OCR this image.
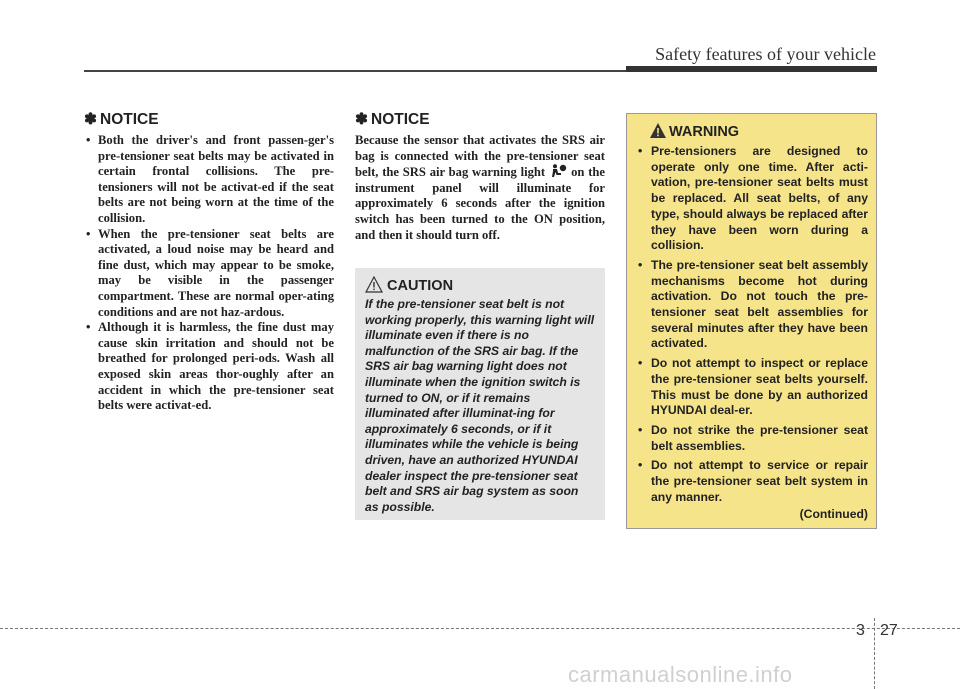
Safety features of your vehicle
✽ NOTICE
• Both the driver's and front passen-ger's pre-tensioner seat belts may be activated in certain frontal collisions. The pre-tensioners will not be activat-ed if the seat belts are not being worn at the time of the collision.
• When the pre-tensioner seat belts are activated, a loud noise may be heard and fine dust, which may appear to be smoke, may be visible in the passenger compartment. These are normal oper-ating conditions and are not haz-ardous.
• Although it is harmless, the fine dust may cause skin irritation and should not be breathed for prolonged peri-ods. Wash all exposed skin areas thor-oughly after an accident in which the pre-tensioner seat belts were activat-ed.
✽ NOTICE

Because the sensor that activates the SRS air bag is connected with the pre-tensioner seat belt, the SRS air bag warning light on the instrument panel will illuminate for approximately 6 seconds after the ignition switch has been turned to the ON position, and then it should turn off.

CAUTION

If the pre-tensioner seat belt is not working properly, this warning light will illuminate even if there is no malfunction of the SRS air bag. If the SRS air bag warning light does not illuminate when the ignition switch is turned to ON, or if it remains illuminated after illuminat-ing for approximately 6 seconds, or if it illuminates while the vehicle is being driven, have an authorized HYUNDAI dealer inspect the pre-tensioner seat belt and SRS air bag system as soon as possible.

WARNING
• Pre-tensioners are designed to operate only one time. After acti-vation, pre-tensioner seat belts must be replaced. All seat belts, of any type, should always be replaced after they have been worn during a collision.
• The pre-tensioner seat belt assembly mechanisms become hot during activation. Do not touch the pre-tensioner seat belt assemblies for several minutes after they have been activated.
• Do not attempt to inspect or replace the pre-tensioner seat belts yourself. This must be done by an authorized HYUNDAI deal-er.
• Do not strike the pre-tensioner seat belt assemblies.
• Do not attempt to service or repair the pre-tensioner seat belt system in any manner.
(Continued)
3 27
carmanualsonline.info
